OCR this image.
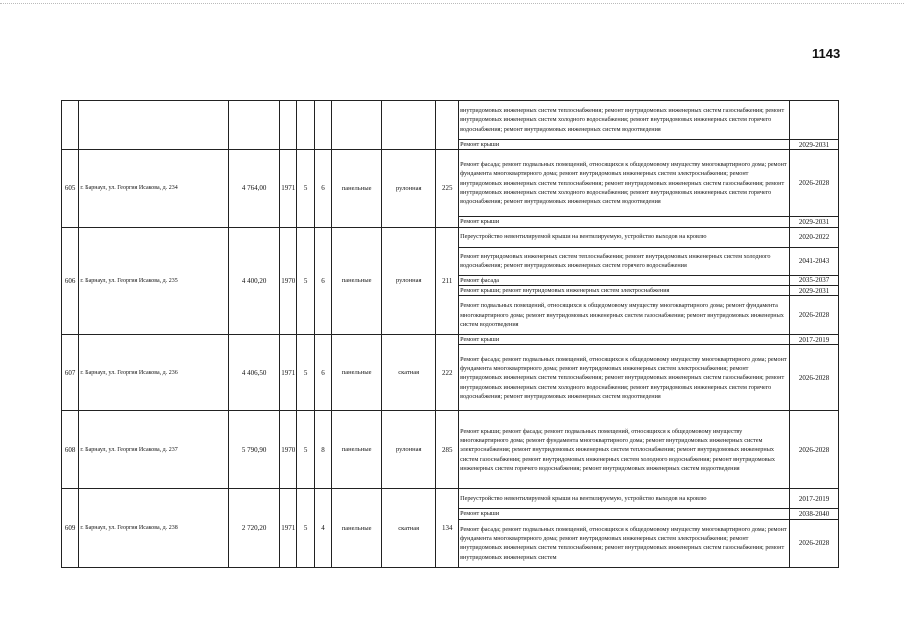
1143
									внутридомовых инженерных систем теплоснабжения; ремонт внутридомовых инженерных систем газоснабжения; ремонт внутридомовых инженерных систем холодного водоснабжения; ремонт внутридомовых инженерных систем горячего водоснабжения; ремонт внутридомовых инженерных систем водоотведения	
									Ремонт крыши	2029-2031
605	г. Барнаул, ул. Георгия Исакова, д. 234	4 764,00	1971	5	6	панельные	рулонная	225	Ремонт фасада; ремонт подвальных помещений, относящихся к общедомовому имуществу многоквартирного дома; ремонт фундамента многоквартирного дома; ремонт внутридомовых инженерных систем электроснабжения; ремонт внутридомовых инженерных систем теплоснабжения; ремонт внутридомовых инженерных систем газоснабжения; ремонт внутридомовых инженерных систем холодного водоснабжения; ремонт внутридомовых инженерных систем горячего водоснабжения; ремонт внутридомовых инженерных систем водоотведения	2026-2028
									Ремонт крыши	2029-2031
606	г. Барнаул, ул. Георгия Исакова, д. 235	4 400,20	1970	5	6	панельные	рулонная	211	Переустройство невентилируемой крыши на вентилируемую, устройство выходов на кровлю	2020-2022
									Ремонт внутридомовых инженерных систем теплоснабжения; ремонт внутридомовых инженерных систем холодного водоснабжения; ремонт внутридомовых инженерных систем горячего водоснабжения	2041-2043
									Ремонт фасада	2035-2037
									Ремонт крыши; ремонт внутридомовых инженерных систем электроснабжения	2029-2031
									Ремонт подвальных помещений, относящихся к общедомовому имуществу многоквартирного дома; ремонт фундамента многоквартирного дома; ремонт внутридомовых инженерных систем газоснабжения; ремонт внутридомовых инженерных систем водоотведения	2026-2028
607	г. Барнаул, ул. Георгия Исакова, д. 236	4 406,50	1971	5	6	панельные	скатная	222	Ремонт крыши	2017-2019
									Ремонт фасада; ремонт подвальных помещений, относящихся к общедомовому имуществу многоквартирного дома; ремонт фундамента многоквартирного дома; ремонт внутридомовых инженерных систем электроснабжения; ремонт внутридомовых инженерных систем теплоснабжения; ремонт внутридомовых инженерных систем газоснабжения; ремонт внутридомовых инженерных систем холодного водоснабжения; ремонт внутридомовых инженерных систем горячего водоснабжения; ремонт внутридомовых инженерных систем водоотведения	2026-2028
608	г. Барнаул, ул. Георгия Исакова, д. 237	5 790,90	1970	5	8	панельные	рулонная	285	Ремонт крыши; ремонт фасада; ремонт подвальных помещений, относящихся к общедомовому имуществу многоквартирного дома; ремонт фундамента многоквартирного дома; ремонт внутридомовых инженерных систем электроснабжения; ремонт внутридомовых инженерных систем теплоснабжения; ремонт внутридомовых инженерных систем газоснабжения; ремонт внутридомовых инженерных систем холодного водоснабжения; ремонт внутридомовых инженерных систем горячего водоснабжения; ремонт внутридомовых инженерных систем водоотведения	2026-2028
609	г. Барнаул, ул. Георгия Исакова, д. 238	2 720,20	1971	5	4	панельные	скатная	134	Переустройство невентилируемой крыши на вентилируемую, устройство выходов на кровлю	2017-2019
									Ремонт крыши	2038-2040
									Ремонт фасада; ремонт подвальных помещений, относящихся к общедомовому имуществу многоквартирного дома; ремонт фундамента многоквартирного дома; ремонт внутридомовых инженерных систем электроснабжения; ремонт внутридомовых инженерных систем теплоснабжения; ремонт внутридомовых инженерных систем газоснабжения; ремонт внутридомовых инженерных систем	2026-2028
